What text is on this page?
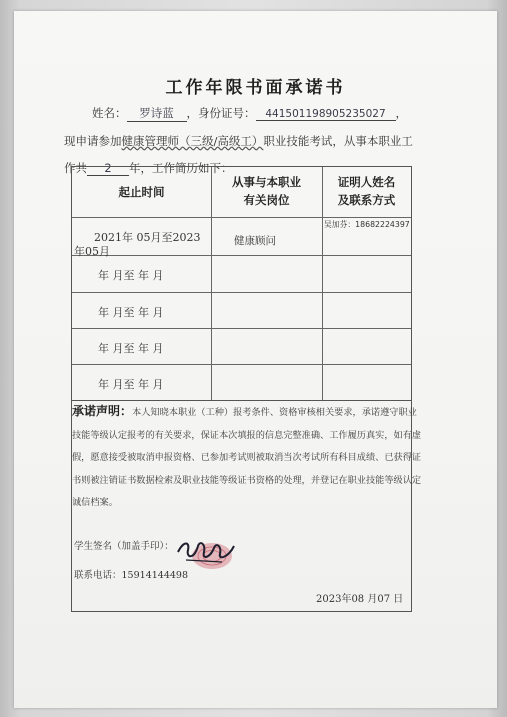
工作年限书面承诺书
姓名： 罗诗蓝 ，身份证号： 441501198905235027 ，
现申请参加健康管理师（三级/高级工）职业技能考试，从事本职业工
作共 2 年，工作简历如下：
起止时间
从事与本职业
有关岗位
证明人姓名
及联系方式
2021年 05月至2023
年05月
健康顾问
吴加芬：18682224397
年 月至 年 月
年 月至 年 月
年 月至 年 月
年 月至 年 月
承诺声明：本人知晓本职业（工种）报考条件、资格审核相关要求，承诺遵守职业技能等级认定报考的有关要求，保证本次填报的信息完整准确、工作履历真实，如有虚假，愿意接受被取消申报资格、已参加考试则被取消当次考试所有科目成绩、已获得证书则被注销证书数据检索及职业技能等级证书资格的处理，并登记在职业技能等级认定诚信档案。
学生签名（加盖手印）：
联系电话：15914144498
2023年08 月07 日
